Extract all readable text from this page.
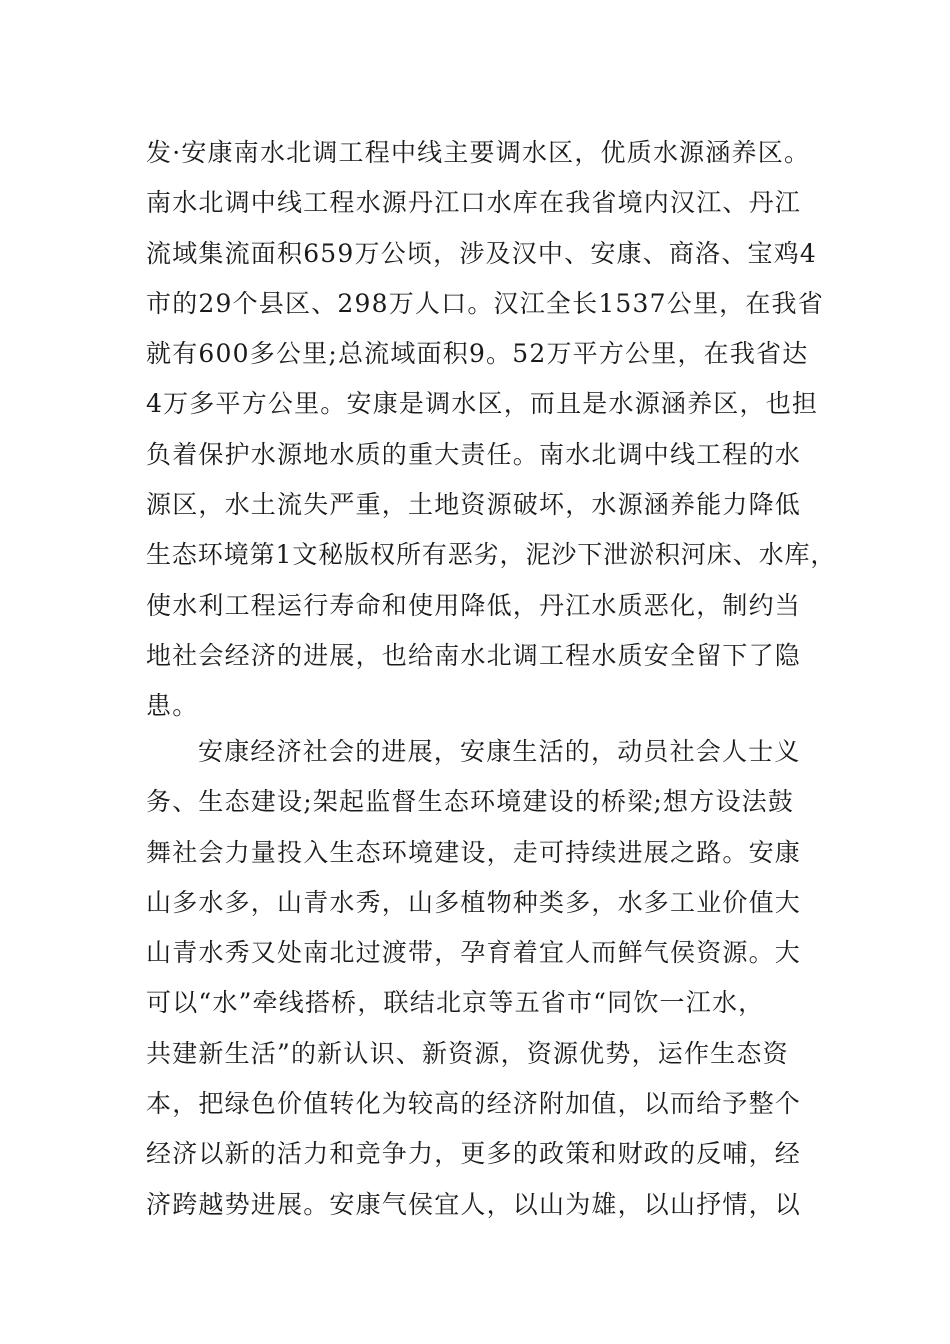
发·安康南水北调工程中线主要调水区，优质水源涵养区。
南水北调中线工程水源丹江口水库在我省境内汉江、丹江
流域集流面积659万公顷，涉及汉中、安康、商洛、宝鸡4
市的29个县区、298万人口。汉江全长1537公里，在我省
就有600多公里;总流域面积9。52万平方公里，在我省达
4万多平方公里。安康是调水区，而且是水源涵养区，也担
负着保护水源地水质的重大责任。南水北调中线工程的水
源区，水土流失严重，土地资源破坏，水源涵养能力降低
生态环境第1文秘版权所有恶劣，泥沙下泄淤积河床、水库，
使水利工程运行寿命和使用降低，丹江水质恶化，制约当
地社会经济的进展，也给南水北调工程水质安全留下了隐
患。
安康经济社会的进展，安康生活的，动员社会人士义
务、生态建设;架起监督生态环境建设的桥梁;想方设法鼓
舞社会力量投入生态环境建设，走可持续进展之路。安康
山多水多，山青水秀，山多植物种类多，水多工业价值大
山青水秀又处南北过渡带，孕育着宜人而鲜气侯资源。大
可以“水”牵线搭桥，联结北京等五省市“同饮一江水，
共建新生活”的新认识、新资源，资源优势，运作生态资
本，把绿色价值转化为较高的经济附加值，以而给予整个
经济以新的活力和竞争力，更多的政策和财政的反哺，经
济跨越势进展。安康气侯宜人，以山为雄，以山抒情，以
